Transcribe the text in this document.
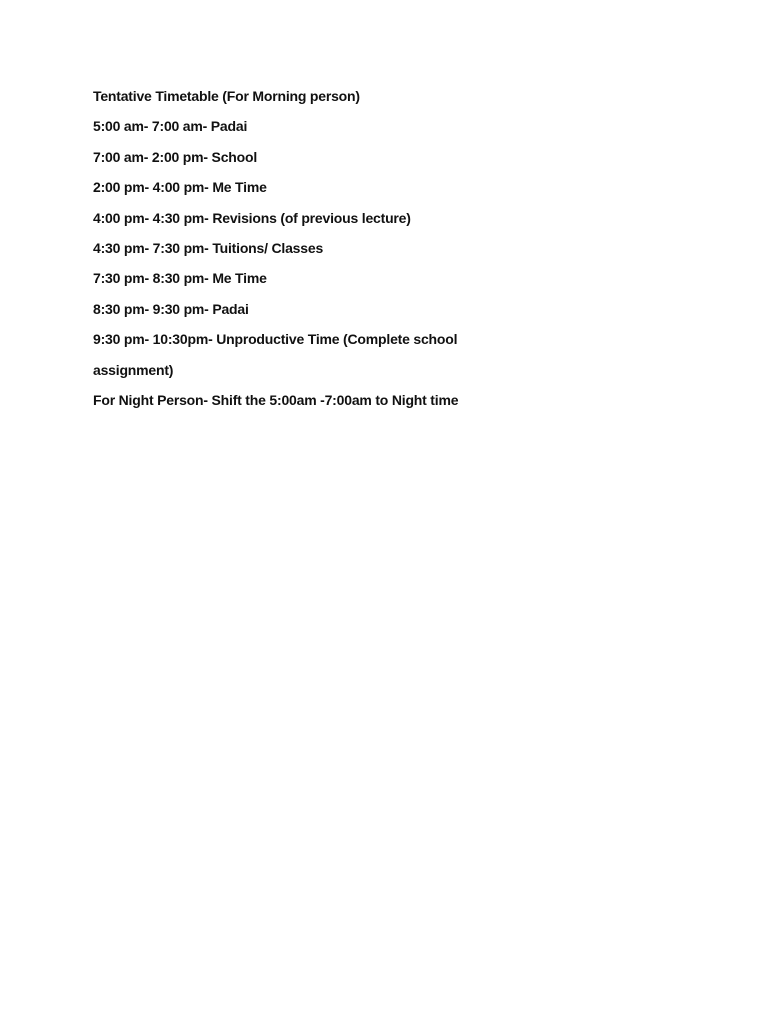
Tentative Timetable (For Morning person)
5:00 am- 7:00 am- Padai
7:00 am- 2:00 pm- School
2:00 pm- 4:00 pm- Me Time
4:00 pm- 4:30 pm- Revisions (of previous lecture)
4:30 pm- 7:30 pm- Tuitions/ Classes
7:30 pm- 8:30 pm- Me Time
8:30 pm- 9:30 pm- Padai
9:30 pm- 10:30pm- Unproductive Time (Complete school
assignment)
For Night Person- Shift the 5:00am -7:00am to Night time
